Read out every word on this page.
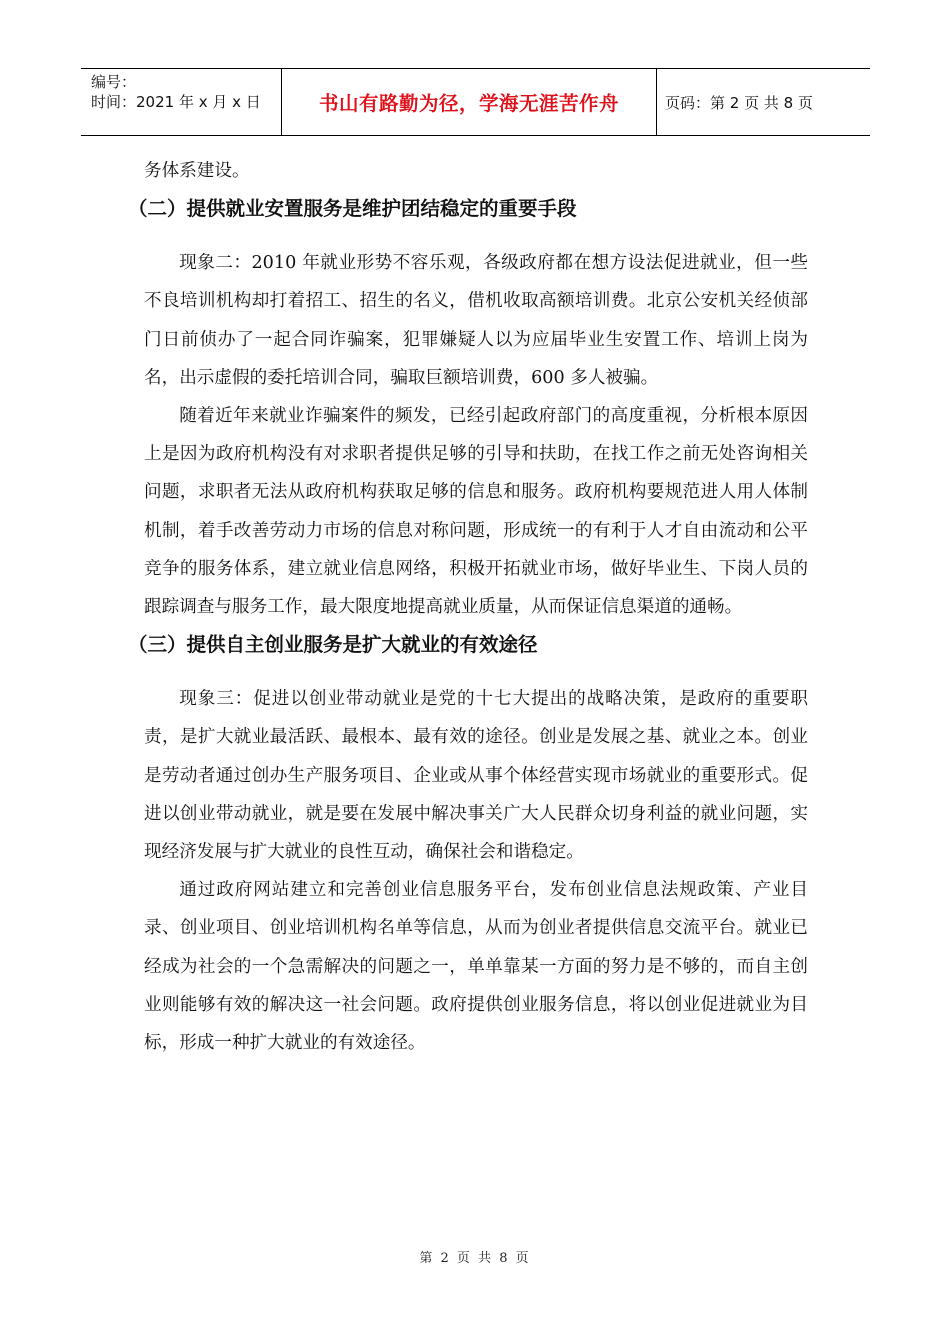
编号：
时间：2021 年 x 月 x 日	书山有路勤为径，学海无涯苦作舟	页码：第 2 页 共 8 页

务体系建设。

（二）提供就业安置服务是维护团结稳定的重要手段

现象二：2010 年就业形势不容乐观，各级政府都在想方设法促进就业，但一些不良培训机构却打着招工、招生的名义，借机收取高额培训费。北京公安机关经侦部门日前侦办了一起合同诈骗案，犯罪嫌疑人以为应届毕业生安置工作、培训上岗为名，出示虚假的委托培训合同，骗取巨额培训费，600 多人被骗。

随着近年来就业诈骗案件的频发，已经引起政府部门的高度重视，分析根本原因上是因为政府机构没有对求职者提供足够的引导和扶助，在找工作之前无处咨询相关问题，求职者无法从政府机构获取足够的信息和服务。政府机构要规范进人用人体制机制，着手改善劳动力市场的信息对称问题，形成统一的有利于人才自由流动和公平竞争的服务体系，建立就业信息网络，积极开拓就业市场，做好毕业生、下岗人员的跟踪调查与服务工作，最大限度地提高就业质量，从而保证信息渠道的通畅。

（三）提供自主创业服务是扩大就业的有效途径

现象三：促进以创业带动就业是党的十七大提出的战略决策，是政府的重要职责，是扩大就业最活跃、最根本、最有效的途径。创业是发展之基、就业之本。创业是劳动者通过创办生产服务项目、企业或从事个体经营实现市场就业的重要形式。促进以创业带动就业，就是要在发展中解决事关广大人民群众切身利益的就业问题，实现经济发展与扩大就业的良性互动，确保社会和谐稳定。

通过政府网站建立和完善创业信息服务平台，发布创业信息法规政策、产业目录、创业项目、创业培训机构名单等信息，从而为创业者提供信息交流平台。就业已经成为社会的一个急需解决的问题之一，单单靠某一方面的努力是不够的，而自主创业则能够有效的解决这一社会问题。政府提供创业服务信息，将以创业促进就业为目标，形成一种扩大就业的有效途径。

第 2 页 共 8 页
